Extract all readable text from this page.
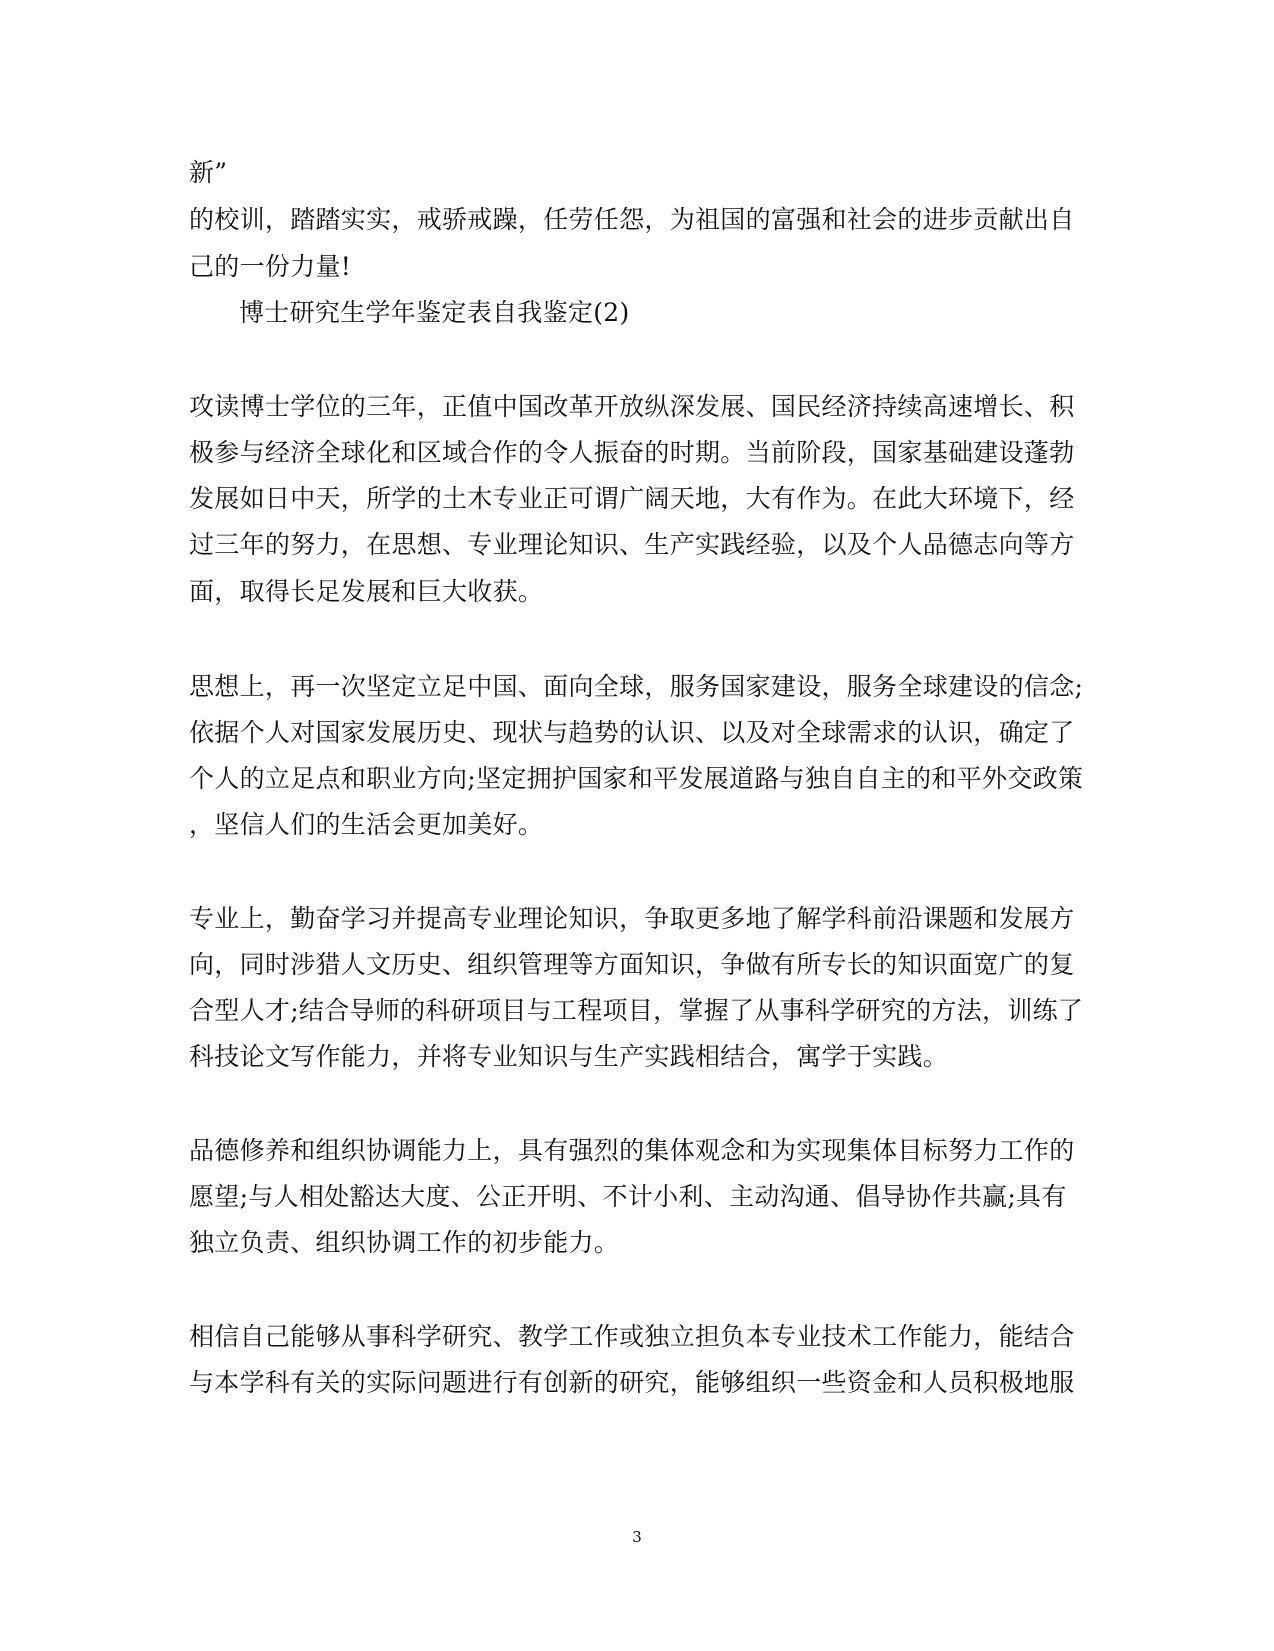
新”
的校训，踏踏实实，戒骄戒躁，任劳任怨，为祖国的富强和社会的进步贡献出自
己的一份力量!
博士研究生学年鉴定表自我鉴定(2)
攻读博士学位的三年，正值中国改革开放纵深发展、国民经济持续高速增长、积
极参与经济全球化和区域合作的令人振奋的时期。当前阶段，国家基础建设蓬勃
发展如日中天，所学的土木专业正可谓广阔天地，大有作为。在此大环境下，经
过三年的努力，在思想、专业理论知识、生产实践经验，以及个人品德志向等方
面，取得长足发展和巨大收获。
思想上，再一次坚定立足中国、面向全球，服务国家建设，服务全球建设的信念;
依据个人对国家发展历史、现状与趋势的认识、以及对全球需求的认识，确定了
个人的立足点和职业方向;坚定拥护国家和平发展道路与独自自主的和平外交政策
，坚信人们的生活会更加美好。
专业上，勤奋学习并提高专业理论知识，争取更多地了解学科前沿课题和发展方
向，同时涉猎人文历史、组织管理等方面知识，争做有所专长的知识面宽广的复
合型人才;结合导师的科研项目与工程项目，掌握了从事科学研究的方法，训练了
科技论文写作能力，并将专业知识与生产实践相结合，寓学于实践。
品德修养和组织协调能力上，具有强烈的集体观念和为实现集体目标努力工作的
愿望;与人相处豁达大度、公正开明、不计小利、主动沟通、倡导协作共赢;具有
独立负责、组织协调工作的初步能力。
相信自己能够从事科学研究、教学工作或独立担负本专业技术工作能力，能结合
与本学科有关的实际问题进行有创新的研究，能够组织一些资金和人员积极地服
3
